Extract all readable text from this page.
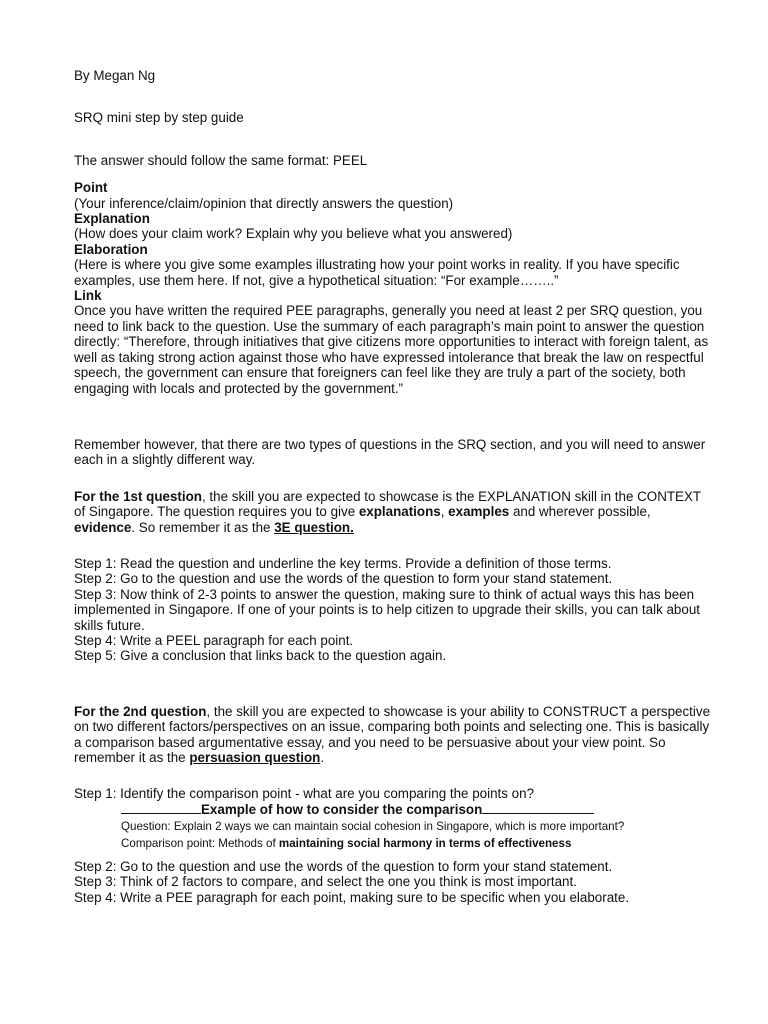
By Megan Ng

SRQ mini step by step guide

The answer should follow the same format: PEEL

Point

(Your inference/claim/opinion that directly answers the question)

Explanation

(How does your claim work? Explain why you believe what you answered)

Elaboration

(Here is where you give some examples illustrating how your point works in reality. If you have specific examples, use them here. If not, give a hypothetical situation: “For example……..”

Link

Once you have written the required PEE paragraphs, generally you need at least 2 per SRQ question, you need to link back to the question. Use the summary of each paragraph’s main point to answer the question directly: “Therefore, through initiatives that give citizens more opportunities to interact with foreign talent, as well as taking strong action against those who have expressed intolerance that break the law on respectful speech, the government can ensure that foreigners can feel like they are truly a part of the society, both engaging with locals and protected by the government.”

Remember however, that there are two types of questions in the SRQ section, and you will need to answer each in a slightly different way.

For the 1st question, the skill you are expected to showcase is the EXPLANATION skill in the CONTEXT of Singapore. The question requires you to give explanations, examples and wherever possible, evidence. So remember it as the 3E question.

Step 1: Read the question and underline the key terms. Provide a definition of those terms.

Step 2: Go to the question and use the words of the question to form your stand statement.

Step 3: Now think of 2-3 points to answer the question, making sure to think of actual ways this has been implemented in Singapore. If one of your points is to help citizen to upgrade their skills, you can talk about skills future.

Step 4: Write a PEEL paragraph for each point.

Step 5: Give a conclusion that links back to the question again.

For the 2nd question, the skill you are expected to showcase is your ability to CONSTRUCT a perspective on two different factors/perspectives on an issue, comparing both points and selecting one. This is basically a comparison based argumentative essay, and you need to be persuasive about your view point. So remember it as the persuasion question.

Step 1: Identify the comparison point - what are you comparing the points on?

Example of how to consider the comparison

Question: Explain 2 ways we can maintain social cohesion in Singapore, which is more important?

Comparison point: Methods of maintaining social harmony in terms of effectiveness

Step 2: Go to the question and use the words of the question to form your stand statement.

Step 3: Think of 2 factors to compare, and select the one you think is most important.

Step 4: Write a PEE paragraph for each point, making sure to be specific when you elaborate.
